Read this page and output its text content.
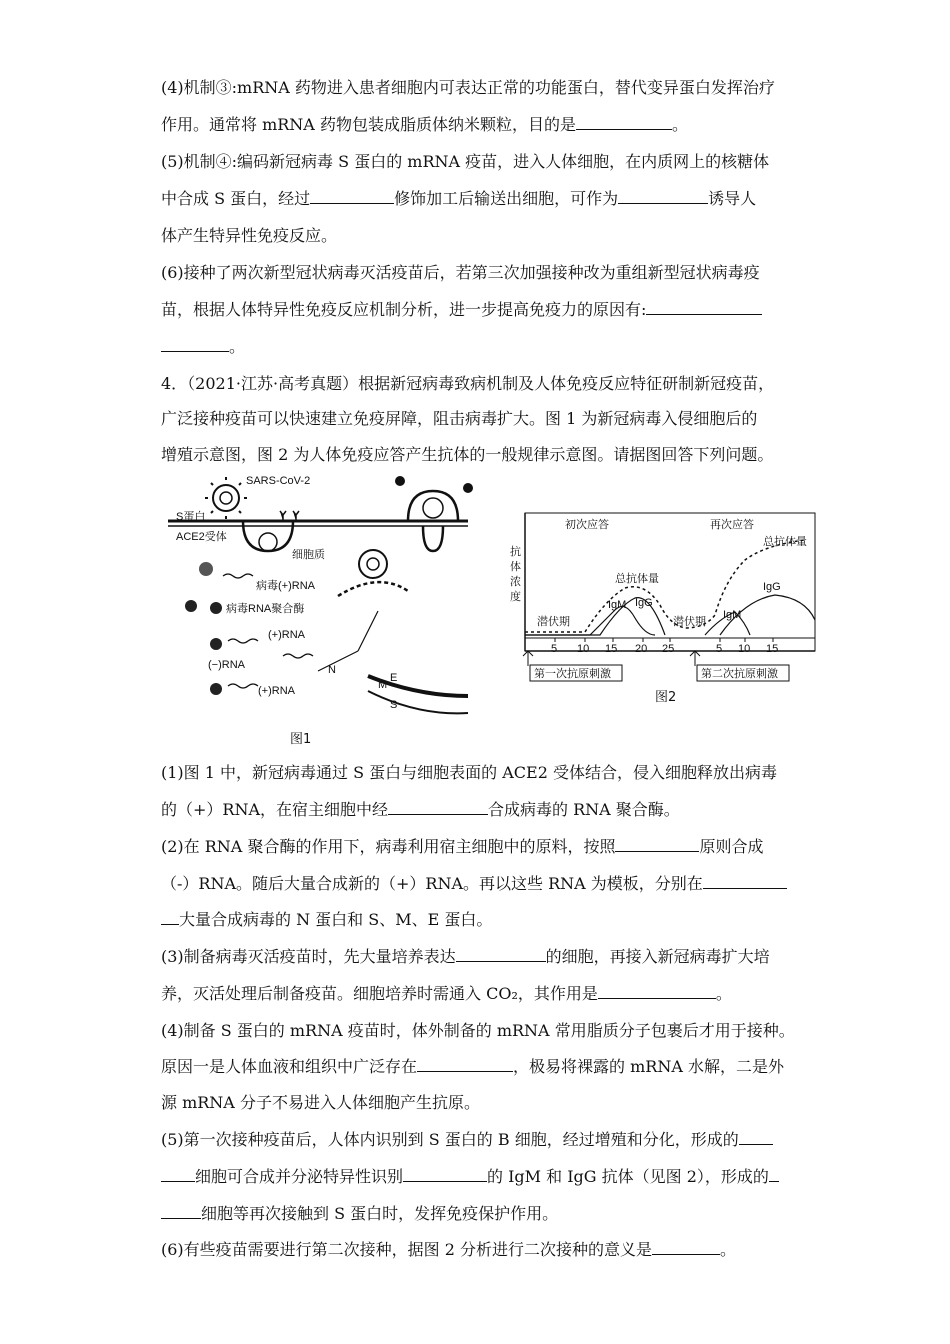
(4)机制③:mRNA 药物进入患者细胞内可表达正常的功能蛋白，替代变异蛋白发挥治疗
作用。通常将 mRNA 药物包装成脂质体纳米颗粒，目的是	。
(5)机制④:编码新冠病毒 S 蛋白的 mRNA 疫苗，进入人体细胞，在内质网上的核糖体
中合成 S 蛋白，经过	修饰加工后输送出细胞，可作为	诱导人
体产生特异性免疫反应。
(6)接种了两次新型冠状病毒灭活疫苗后，若第三次加强接种改为重组新型冠状病毒疫
苗，根据人体特异性免疫反应机制分析，进一步提高免疫力的原因有:
。
4．（2021·江苏·高考真题）根据新冠病毒致病机制及人体免疫反应特征研制新冠疫苗，
广泛接种疫苗可以快速建立免疫屏障，阻击病毒扩大。图 1 为新冠病毒入侵细胞后的
增殖示意图，图 2 为人体免疫应答产生抗体的一般规律示意图。请据图回答下列问题。
SARS-CoV-2
S蛋白
ACE2受体
细胞质
病毒(+)RNA
病毒RNA聚合酶
(+)RNA
(−)RNA
(+)RNA
N
M
E
S
图1
初次应答	再次应答
总抗体量
总抗体量
抗
体
浓
度
潜伏期	潜伏期
IgM IgG
IgM
IgG
5 10 15 20 25	5 10 15
第一次抗原刺激	第二次抗原刺激
图2
(1)图 1 中，新冠病毒通过 S 蛋白与细胞表面的 ACE2 受体结合，侵入细胞释放出病毒
的（+）RNA，在宿主细胞中经	合成病毒的 RNA 聚合酶。
(2)在 RNA 聚合酶的作用下，病毒利用宿主细胞中的原料，按照	原则合成
（-）RNA。随后大量合成新的（+）RNA。再以这些 RNA 为模板，分别在
大量合成病毒的 N 蛋白和 S、M、E 蛋白。
(3)制备病毒灭活疫苗时，先大量培养表达	的细胞，再接入新冠病毒扩大培
养，灭活处理后制备疫苗。细胞培养时需通入 CO₂，其作用是	。
(4)制备 S 蛋白的 mRNA 疫苗时，体外制备的 mRNA 常用脂质分子包裹后才用于接种。
原因一是人体血液和组织中广泛存在	，极易将裸露的 mRNA 水解，二是外
源 mRNA 分子不易进入人体细胞产生抗原。
(5)第一次接种疫苗后，人体内识别到 S 蛋白的 B 细胞，经过增殖和分化，形成的
细胞可合成并分泌特异性识别	的 IgM 和 IgG 抗体（见图 2），形成的
细胞等再次接触到 S 蛋白时，发挥免疫保护作用。
(6)有些疫苗需要进行第二次接种，据图 2 分析进行二次接种的意义是	。
